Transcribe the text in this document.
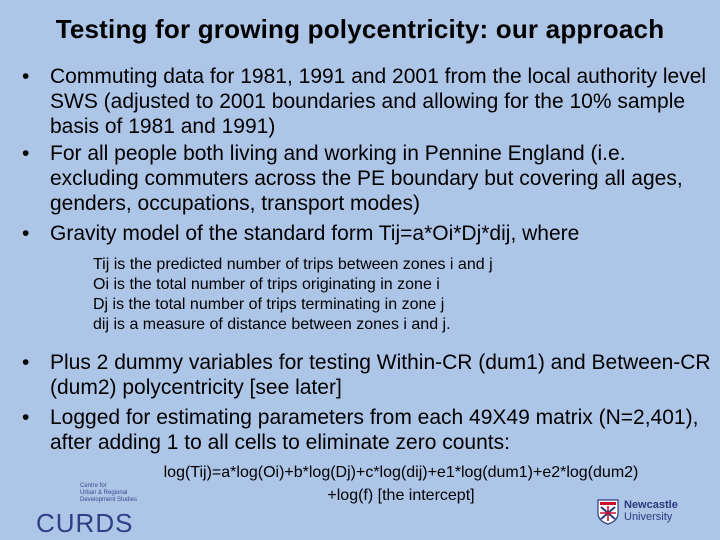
Testing for growing polycentricity: our approach
• Commuting data for 1981, 1991 and 2001 from the local authority level SWS (adjusted to 2001 boundaries and allowing for the 10% sample basis of 1981 and 1991)
• For all people both living and working in Pennine England (i.e. excluding commuters across the PE boundary but covering all ages, genders, occupations, transport modes)
• Gravity model of the standard form Tij=a*Oi*Dj*dij, where
Tij is the predicted number of trips between zones i and j
Oi is the total number of trips originating in zone i
Dj is the total number of trips terminating in zone j
dij is a measure of distance between zones i and j.
• Plus 2 dummy variables for testing Within-CR (dum1) and Between-CR (dum2) polycentricity [see later]
• Logged for estimating parameters from each 49X49 matrix (N=2,401), after adding 1 to all cells to eliminate zero counts:
log(Tij)=a*log(Oi)+b*log(Dj)+c*log(dij)+e1*log(dum1)+e2*log(dum2)
+log(f) [the intercept]
Centre for
Urban & Regional
Development Studies
CURDS
Newcastle
University
